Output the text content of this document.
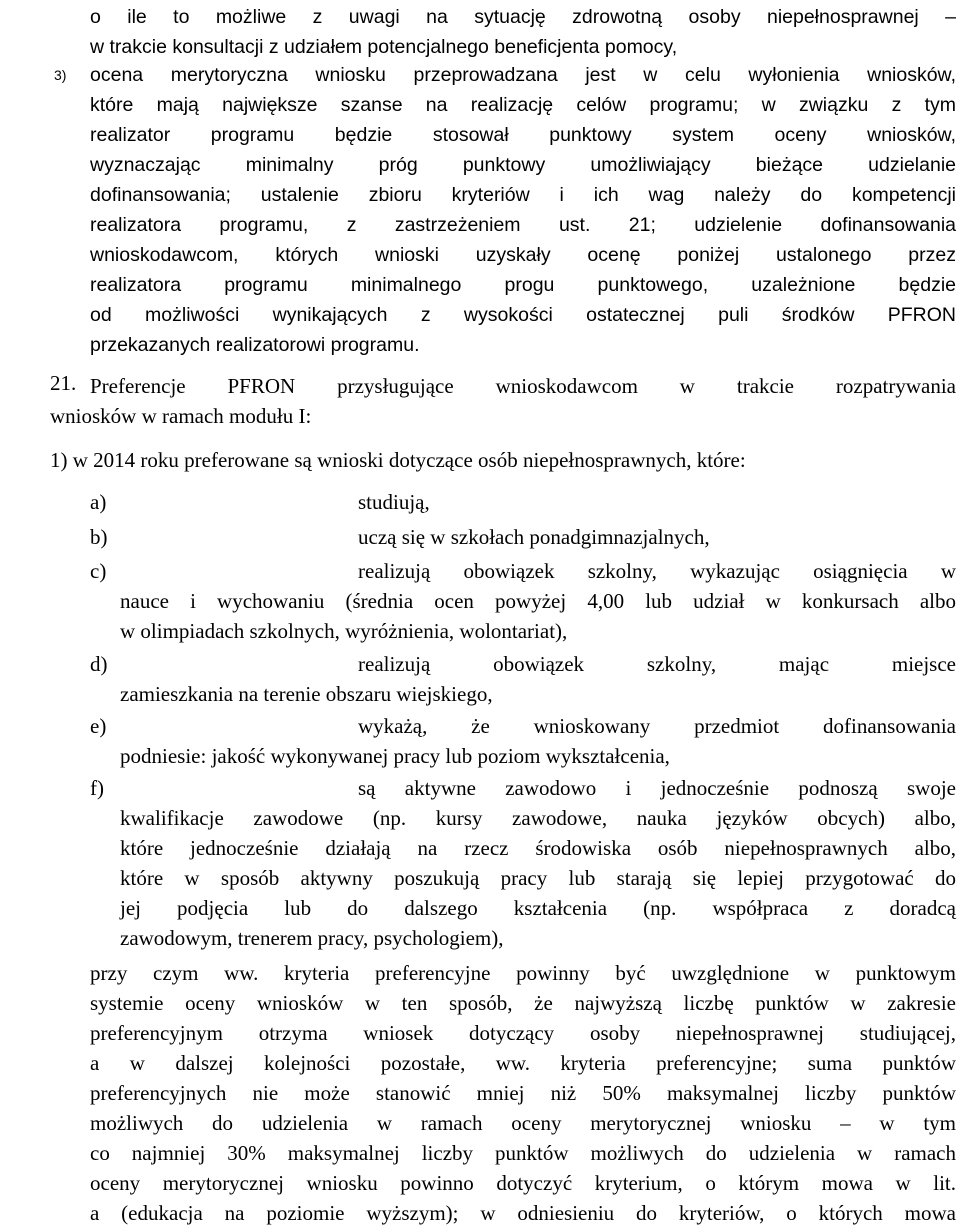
o ile to możliwe z uwagi na sytuację zdrowotną osoby niepełnosprawnej –
w trakcie konsultacji z udziałem potencjalnego beneficjenta pomocy,
3) ocena merytoryczna wniosku przeprowadzana jest w celu wyłonienia wniosków,
które mają największe szanse na realizację celów programu; w związku z tym
realizator programu będzie stosował punktowy system oceny wniosków,
wyznaczając minimalny próg punktowy umożliwiający bieżące udzielanie
dofinansowania; ustalenie zbioru kryteriów i ich wag należy do kompetencji
realizatora programu, z zastrzeżeniem ust. 21; udzielenie dofinansowania
wnioskodawcom, których wnioski uzyskały ocenę poniżej ustalonego przez
realizatora programu minimalnego progu punktowego, uzależnione będzie
od możliwości wynikających z wysokości ostatecznej puli środków PFRON
przekazanych realizatorowi programu.
21. Preferencje PFRON przysługujące wnioskodawcom w trakcie rozpatrywania
wniosków w ramach modułu I:
1) w 2014 roku preferowane są wnioski dotyczące osób niepełnosprawnych, które:
a)	studiują,
b)	uczą się w szkołach ponadgimnazjalnych,
c)	realizują obowiązek szkolny, wykazując osiągnięcia w
nauce i wychowaniu (średnia ocen powyżej 4,00 lub udział w konkursach albo
w olimpiadach szkolnych, wyróżnienia, wolontariat),
d)	realizują obowiązek szkolny, mając miejsce
zamieszkania na terenie obszaru wiejskiego,
e)	wykażą, że wnioskowany przedmiot dofinansowania
podniesie: jakość wykonywanej pracy lub poziom wykształcenia,
f)	są aktywne zawodowo i jednocześnie podnoszą swoje
kwalifikacje zawodowe (np. kursy zawodowe, nauka języków obcych) albo,
które jednocześnie działają na rzecz środowiska osób niepełnosprawnych albo,
które w sposób aktywny poszukują pracy lub starają się lepiej przygotować do
jej podjęcia lub do dalszego kształcenia (np. współpraca z doradcą
zawodowym, trenerem pracy, psychologiem),
przy czym ww. kryteria preferencyjne powinny być uwzględnione w punktowym
systemie oceny wniosków w ten sposób, że najwyższą liczbę punktów w zakresie
preferencyjnym otrzyma wniosek dotyczący osoby niepełnosprawnej studiującej,
a w dalszej kolejności pozostałe, ww. kryteria preferencyjne; suma punktów
preferencyjnych nie może stanowić mniej niż 50% maksymalnej liczby punktów
możliwych do udzielenia w ramach oceny merytorycznej wniosku – w tym
co najmniej 30% maksymalnej liczby punktów możliwych do udzielenia w ramach
oceny merytorycznej wniosku powinno dotyczyć kryterium, o którym mowa w lit.
a (edukacja na poziomie wyższym); w odniesieniu do kryteriów, o których mowa
